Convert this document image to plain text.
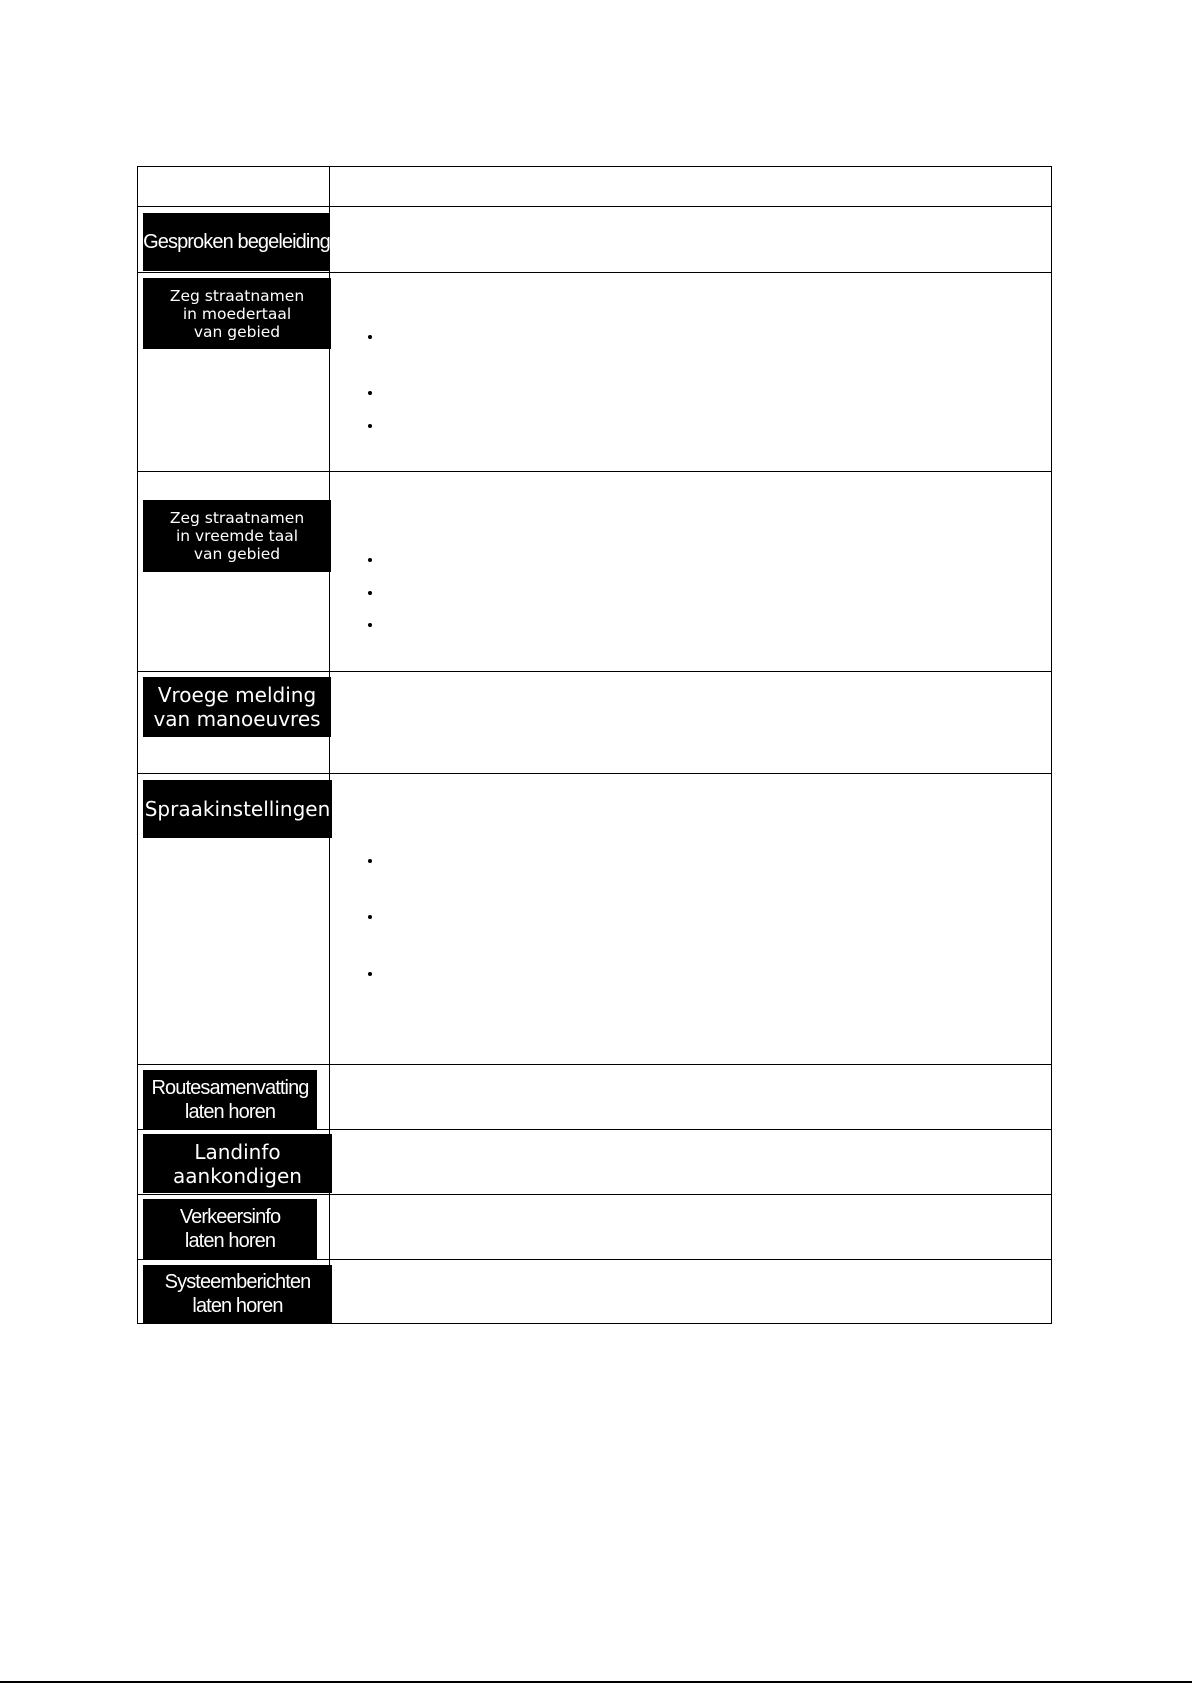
Gesproken begeleiding	

Zeg straatnamen
in moedertaal
van gebied	

Zeg straatnamen
in vreemde taal
van gebied	

Vroege melding
van manoeuvres	

Spraakinstellingen	

Routesamenvatting
laten horen	

Landinfo
aankondigen	

Verkeersinfo
laten horen	

Systeemberichten
laten horen	
